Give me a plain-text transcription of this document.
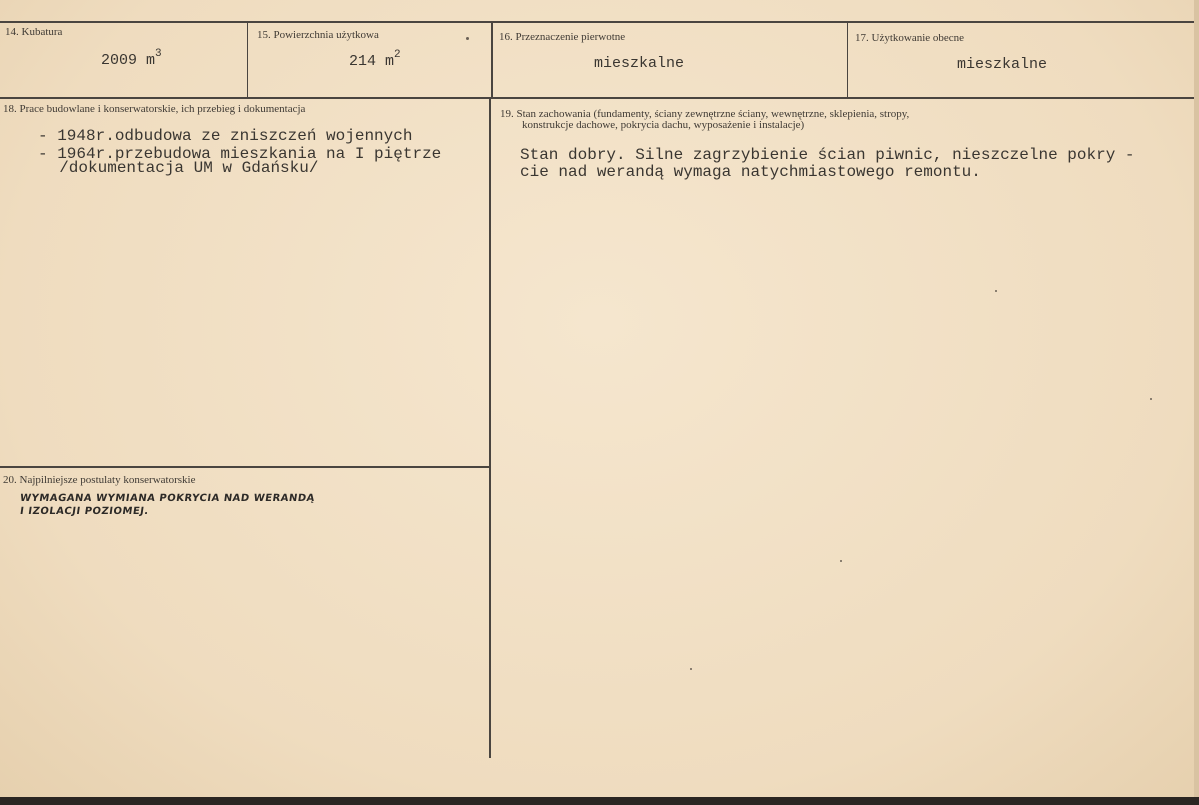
14. Kubatura
2009 $m^3$
15. Powierzchnia użytkowa
214 $m^2$
16. Przeznaczenie pierwotne
mieszkalne
17. Użytkowanie obecne
mieszkalne
18. Prace budowlane i konserwatorskie, ich przebieg i dokumentacja
- 1948r.odbudowa ze zniszczeń wojennych
- 1964r.przebudowa mieszkania na I piętrze
/dokumentacja UM w Gdańsku/
19. Stan zachowania (fundamenty, ściany zewnętrzne ściany, wewnętrzne, sklepienia, stropy,
konstrukcje dachowe, pokrycia dachu, wyposażenie i instalacje)
Stan dobry. Silne zagrzybienie ścian piwnic, nieszczelne pokry -
cie nad werandą wymaga natychmiastowego remontu.
20. Najpilniejsze postulaty konserwatorskie
WYMAGANA WYMIANA POKRYCIA NAD WERANDĄ
I IZOLACJI POZIOMEJ.
